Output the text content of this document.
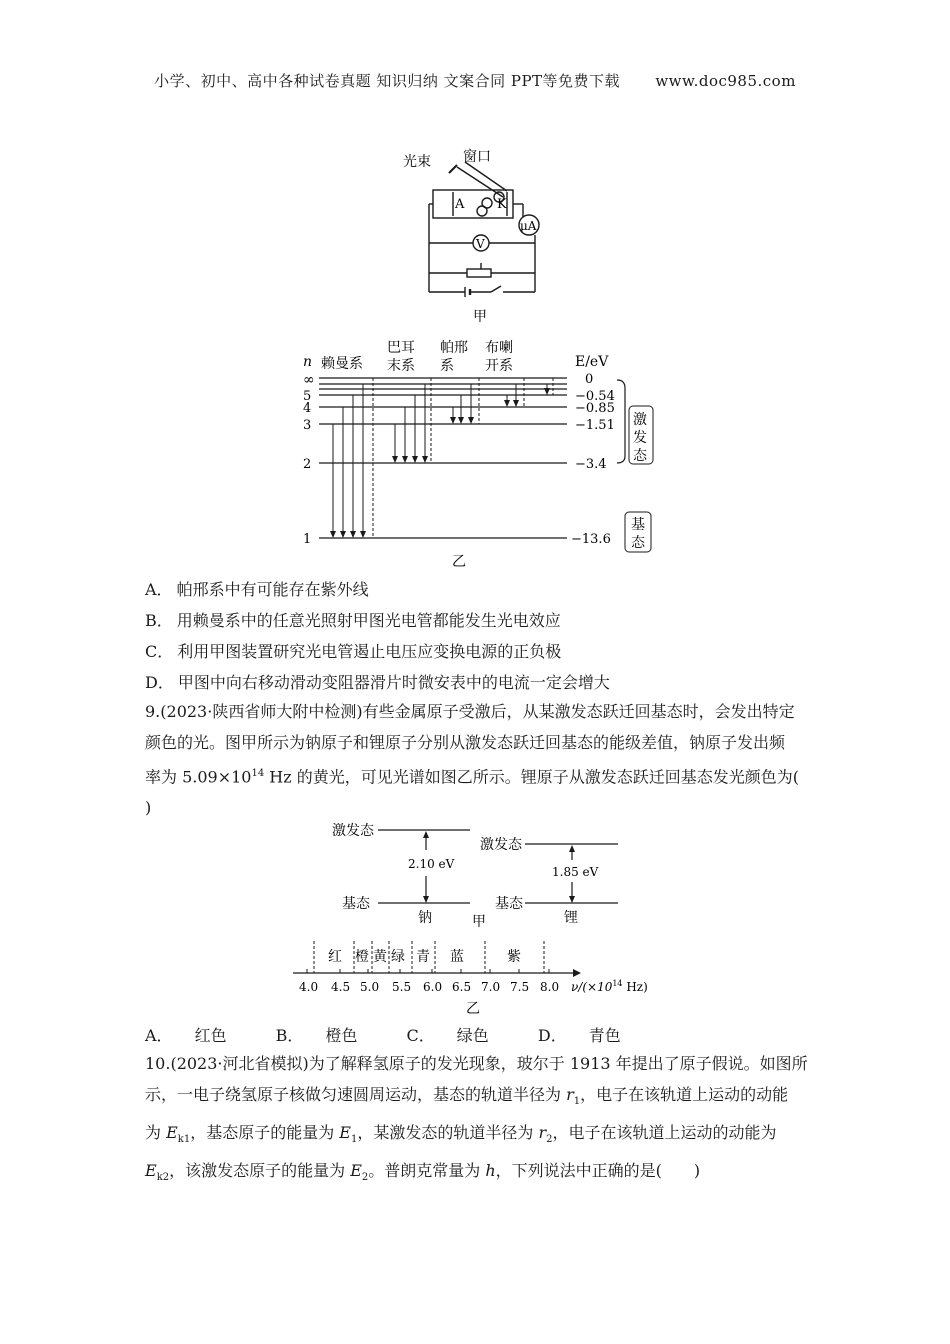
小学、初中、高中各种试卷真题 知识归纳 文案合同 PPT等免费下载 www.doc985.com
光束 窗口
A	K
μA
V
甲
n	E/eV
赖曼系
巴耳
末系
帕邢
系
布喇
开系
∞
5
4
3
2
1
0
−0.54
−0.85
−1.51
−3.4
−13.6
激
发
态
基
态
乙
A． 帕邢系中有可能存在紫外线
B． 用赖曼系中的任意光照射甲图光电管都能发生光电效应
C． 利用甲图装置研究光电管遏止电压应变换电源的正负极
D． 甲图中向右移动滑动变阻器滑片时微安表中的电流一定会增大
9.(2023·陕西省师大附中检测)有些金属原子受激后，从某激发态跃迁回基态时，会发出特定
颜色的光。图甲所示为钠原子和锂原子分别从激发态跃迁回基态的能级差值，钠原子发出频
率为 $5.09\times 10^{14}$ Hz 的黄光，可见光谱如图乙所示。锂原子从激发态跃迁回基态发光颜色为(
)
激发态
激发态
基态	基态
2.10 eV
1.85 eV
钠	锂
甲
红 橙 黄 绿 青 蓝	紫
4.0 4.5 5.0 5.5 6.0 6.5 7.0 7.5 8.0 $\nu/(\times 10^{14}$ Hz)
乙
A． 红色	B． 橙色	C． 绿色	D． 青色
10.(2023·河北省模拟)为了解释氢原子的发光现象，玻尔于 1913 年提出了原子假说。如图所
示，一电子绕氢原子核做匀速圆周运动，基态的轨道半径为 $r_1$，电子在该轨道上运动的动能
为 $E_{k1}$，基态原子的能量为 $E_1$，某激发态的轨道半径为 $r_2$，电子在该轨道上运动的动能为
$E_{k2}$，该激发态原子的能量为 $E_2$。普朗克常量为 h，下列说法中正确的是(　　)
